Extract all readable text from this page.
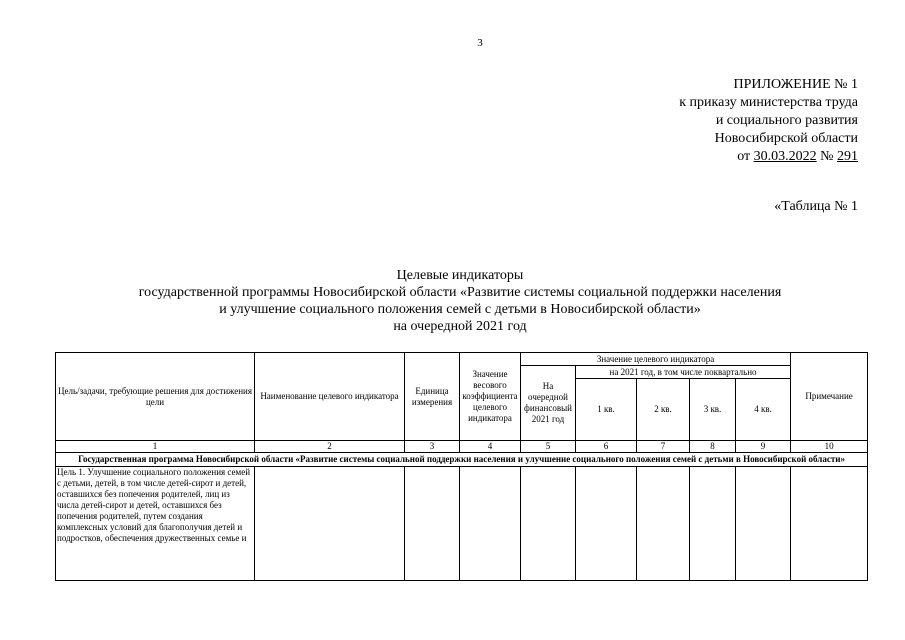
3
ПРИЛОЖЕНИЕ № 1
к приказу министерства труда
и социального развития
Новосибирской области
от 30.03.2022 № 291
«Таблица № 1
Целевые индикаторы
государственной программы Новосибирской области «Развитие системы социальной поддержки населения
и улучшение социального положения семей с детьми в Новосибирской области»
на очередной 2021 год
Цель/задачи, требующие решения для достижения цели	Наименование целевого индикатора	Единица измерения	Значение весового коэффициента целевого индикатора	Значение целевого индикатора					Примечание
				На очередной финансовый 2021 год	на 2021 год, в том числе поквартально				
					1 кв.	2 кв.	3 кв.	4 кв.	
1	2	3	4	5	6	7	8	9	10
Государственная программа Новосибирской области «Развитие системы социальной поддержки населения и улучшение социального положения семей с детьми в Новосибирской области»									
Цель 1. Улучшение социального положения семей с детьми, детей, в том числе детей-сирот и детей, оставшихся без попечения родителей, лиц из числа детей-сирот и детей, оставшихся без попечения родителей, путем создания комплексных условий для благополучия детей и подростков, обеспечения дружественных семье и									
